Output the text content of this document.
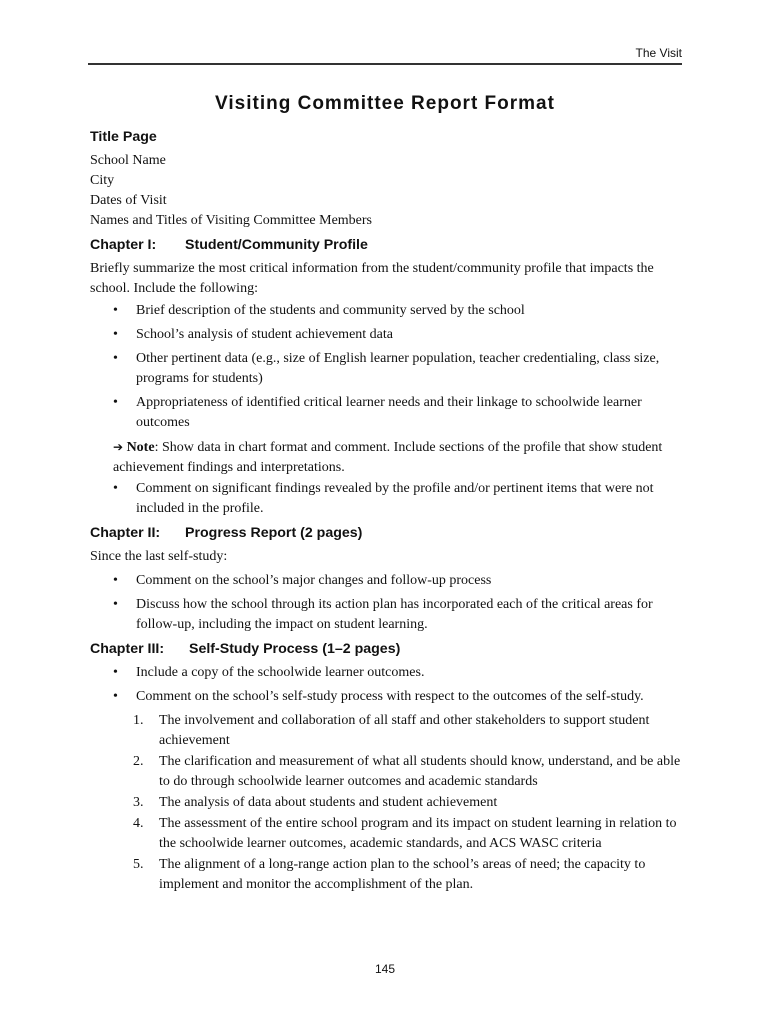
The Visit
Visiting Committee Report Format
Title Page
School Name
City
Dates of Visit
Names and Titles of Visiting Committee Members
Chapter I: Student/Community Profile

Briefly summarize the most critical information from the student/community profile that impacts the school. Include the following:

• Brief description of the students and community served by the school
• School’s analysis of student achievement data
• Other pertinent data (e.g., size of English learner population, teacher credentialing, class size, programs for students)
• Appropriateness of identified critical learner needs and their linkage to schoolwide learner outcomes
➔ Note: Show data in chart format and comment. Include sections of the profile that show student achievement findings and interpretations.
• Comment on significant findings revealed by the profile and/or pertinent items that were not included in the profile.
Chapter II: Progress Report (2 pages)

Since the last self-study:

• Comment on the school’s major changes and follow-up process
• Discuss how the school through its action plan has incorporated each of the critical areas for follow-up, including the impact on student learning.
Chapter III: Self-Study Process (1–2 pages)
• Include a copy of the schoolwide learner outcomes.
• Comment on the school’s self-study process with respect to the outcomes of the self-study.
1. The involvement and collaboration of all staff and other stakeholders to support student achievement
2. The clarification and measurement of what all students should know, understand, and be able to do through schoolwide learner outcomes and academic standards
3. The analysis of data about students and student achievement
4. The assessment of the entire school program and its impact on student learning in relation to the schoolwide learner outcomes, academic standards, and ACS WASC criteria
5. The alignment of a long-range action plan to the school’s areas of need; the capacity to implement and monitor the accomplishment of the plan.
145
